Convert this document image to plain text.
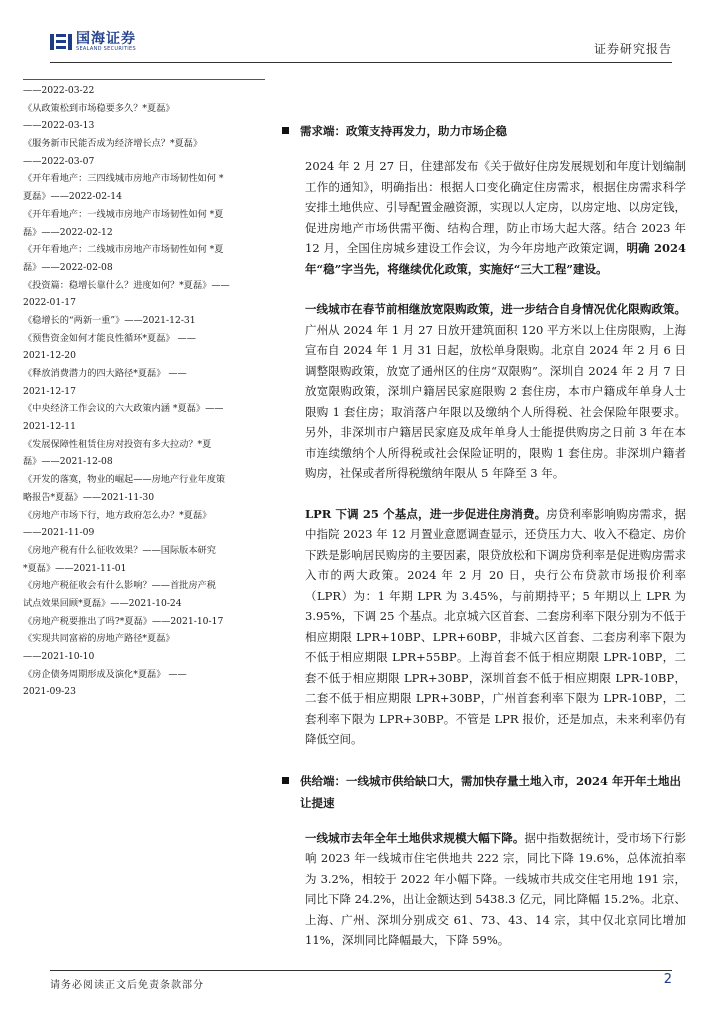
国海证券
SEALAND SECURITIES	证券研究报告
——2022-03-22
《从政策松到市场稳要多久？*夏磊》
——2022-03-13
《服务新市民能否成为经济增长点？*夏磊》
——2022-03-07
《开年看地产：三四线城市房地产市场韧性如何 *
夏磊》——2022-02-14
《开年看地产：一线城市房地产市场韧性如何 *夏
磊》——2022-02-12
《开年看地产：二线城市房地产市场韧性如何 *夏
磊》——2022-02-08
《投资篇：稳增长靠什么？进度如何？*夏磊》——
2022-01-17
《稳增长的“两新一重”》——2021-12-31
《预售资金如何才能良性循环*夏磊》 ——
2021-12-20
《释放消费潜力的四大路径*夏磊》 ——
2021-12-17
《中央经济工作会议的六大政策内涵 *夏磊》——
2021-12-11
《发展保障性租赁住房对投资有多大拉动？*夏
磊》——2021-12-08
《开发的落寞，物业的崛起——房地产行业年度策
略报告*夏磊》——2021-11-30
《房地产市场下行，地方政府怎么办？*夏磊》
——2021-11-09
《房地产税有什么征收效果？——国际版本研究
*夏磊》——2021-11-01
《房地产税征收会有什么影响？——首批房产税
试点效果回顾*夏磊》——2021-10-24
《房地产税要推出了吗?*夏磊》——2021-10-17
《实现共同富裕的房地产路径*夏磊》
——2021-10-10
《房企债务周期形成及演化*夏磊》 ——
2021-09-23
需求端：政策支持再发力，助力市场企稳

2024 年 2 月 27 日，住建部发布《关于做好住房发展规划和年度计划编制工作的通知》，明确指出：根据人口变化确定住房需求，根据住房需求科学安排土地供应、引导配置金融资源，实现以人定房，以房定地、以房定钱，促进房地产市场供需平衡、结构合理，防止市场大起大落。结合 2023 年 12 月，全国住房城乡建设工作会议，为今年房地产政策定调，明确 2024 年“稳”字当先，将继续优化政策，实施好“三大工程”建设。

一线城市在春节前相继放宽限购政策，进一步结合自身情况优化限购政策。广州从 2024 年 1 月 27 日放开建筑面积 120 平方米以上住房限购，上海宣布自 2024 年 1 月 31 日起，放松单身限购。北京自 2024 年 2 月 6 日调整限购政策，放宽了通州区的住房“双限购”。深圳自 2024 年 2 月 7 日放宽限购政策，深圳户籍居民家庭限购 2 套住房，本市户籍成年单身人士限购 1 套住房；取消落户年限以及缴纳个人所得税、社会保险年限要求。另外，非深圳市户籍居民家庭及成年单身人士能提供购房之日前 3 年在本市连续缴纳个人所得税或社会保险证明的，限购 1 套住房。非深圳户籍者购房，社保或者所得税缴纳年限从 5 年降至 3 年。

LPR 下调 25 个基点，进一步促进住房消费。房贷利率影响购房需求，据中指院 2023 年 12 月置业意愿调查显示，还贷压力大、收入不稳定、房价下跌是影响居民购房的主要因素，限贷放松和下调房贷利率是促进购房需求入市的两大政策。2024 年 2 月 20 日，央行公布贷款市场报价利率（LPR）为：1 年期 LPR 为 3.45%，与前期持平；5 年期以上 LPR 为 3.95%，下调 25 个基点。北京城六区首套、二套房利率下限分别为不低于相应期限 LPR+10BP、LPR+60BP，非城六区首套、二套房利率下限为不低于相应期限 LPR+55BP。上海首套不低于相应期限 LPR-10BP，二套不低于相应期限 LPR+30BP，深圳首套不低于相应期限 LPR-10BP，二套不低于相应期限 LPR+30BP，广州首套利率下限为 LPR-10BP，二套利率下限为 LPR+30BP。不管是 LPR 报价，还是加点，未来利率仍有降低空间。

供给端：一线城市供给缺口大，需加快存量土地入市，2024 年开年土地出让提速

一线城市去年全年土地供求规模大幅下降。据中指数据统计，受市场下行影响 2023 年一线城市住宅供地共 222 宗，同比下降 19.6%，总体流拍率为 3.2%，相较于 2022 年小幅下降。一线城市共成交住宅用地 191 宗，同比下降 24.2%，出让金额达到 5438.3 亿元，同比降幅 15.2%。北京、上海、广州、深圳分别成交 61、73、43、14 宗，其中仅北京同比增加 11%，深圳同比降幅最大，下降 59%。

请务必阅读正文后免责条款部分	2
